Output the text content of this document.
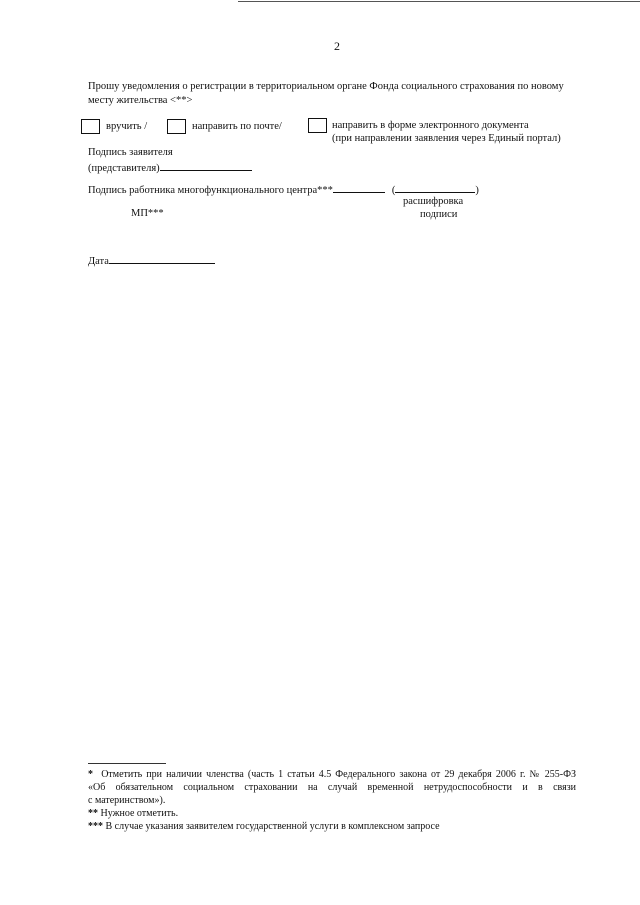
2
Прошу уведомления о регистрации в территориальном органе Фонда социального страхования по новому
месту жительства <**>
вручить /	направить по почте/	направить в форме электронного документа
(при направлении заявления через Единый портал)
Подпись заявителя
(представителя)
Подпись работника многофункционального центра***	(	)
расшифровка
подписи
МП***
Дата
* Отметить при наличии членства (часть 1 статьи 4.5 Федерального закона от 29 декабря 2006 г. № 255-ФЗ
«Об обязательном социальном страховании на случай временной нетрудоспособности и в связи
с материнством»).
** Нужное отметить.
*** В случае указания заявителем государственной услуги в комплексном запросе
